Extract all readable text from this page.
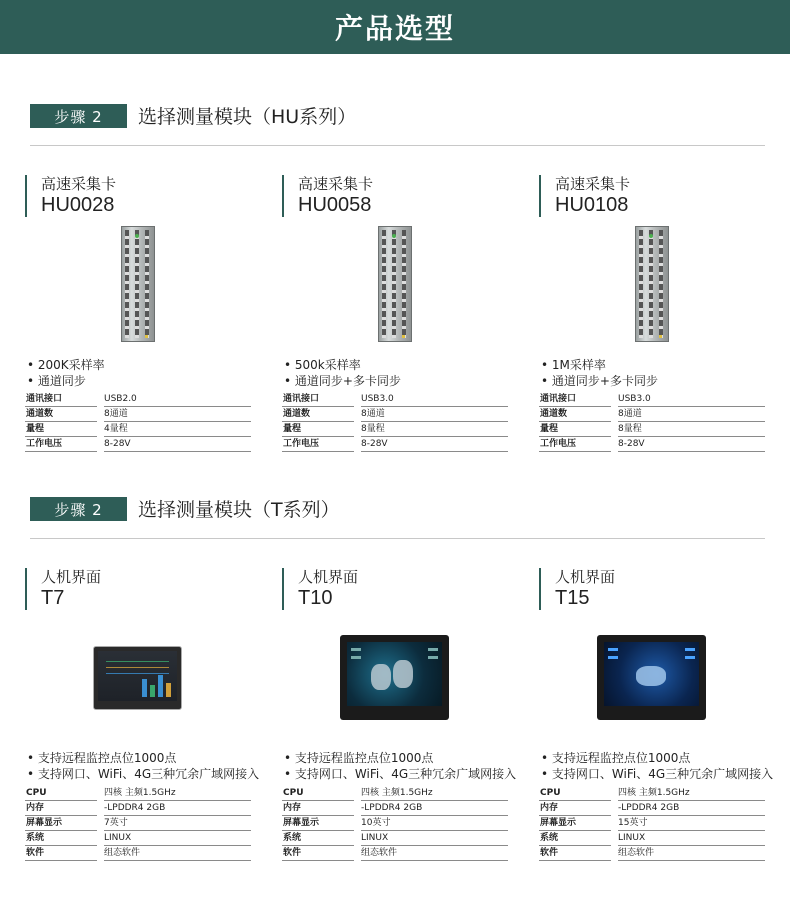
产品选型
步骤 2	选择测量模块（HU系列）
高速采集卡
HU0028
高速采集卡
HU0058
高速采集卡
HU0108
• 200K采样率
• 通道同步
• 500k采样率
• 通道同步+多卡同步
• 1M采样率
• 通道同步+多卡同步
通讯接口	USB2.0
通道数	8通道
量程	4量程
工作电压	8-28V
通讯接口	USB3.0
通道数	8通道
量程	8量程
工作电压	8-28V
通讯接口	USB3.0
通道数	8通道
量程	8量程
工作电压	8-28V
步骤 2	选择测量模块（T系列）
人机界面
T7
人机界面
T10
人机界面
T15
• 支持远程监控点位1000点
• 支持网口、WiFi、4G三种冗余广域网接入
• 支持远程监控点位1000点
• 支持网口、WiFi、4G三种冗余广域网接入
• 支持远程监控点位1000点
• 支持网口、WiFi、4G三种冗余广域网接入
CPU	四核 主频1.5GHz
内存	-LPDDR4 2GB
屏幕显示	7英寸
系统	LINUX
软件	组态软件
CPU	四核 主频1.5GHz
内存	-LPDDR4 2GB
屏幕显示	10英寸
系统	LINUX
软件	组态软件
CPU	四核 主频1.5GHz
内存	-LPDDR4 2GB
屏幕显示	15英寸
系统	LINUX
软件	组态软件
